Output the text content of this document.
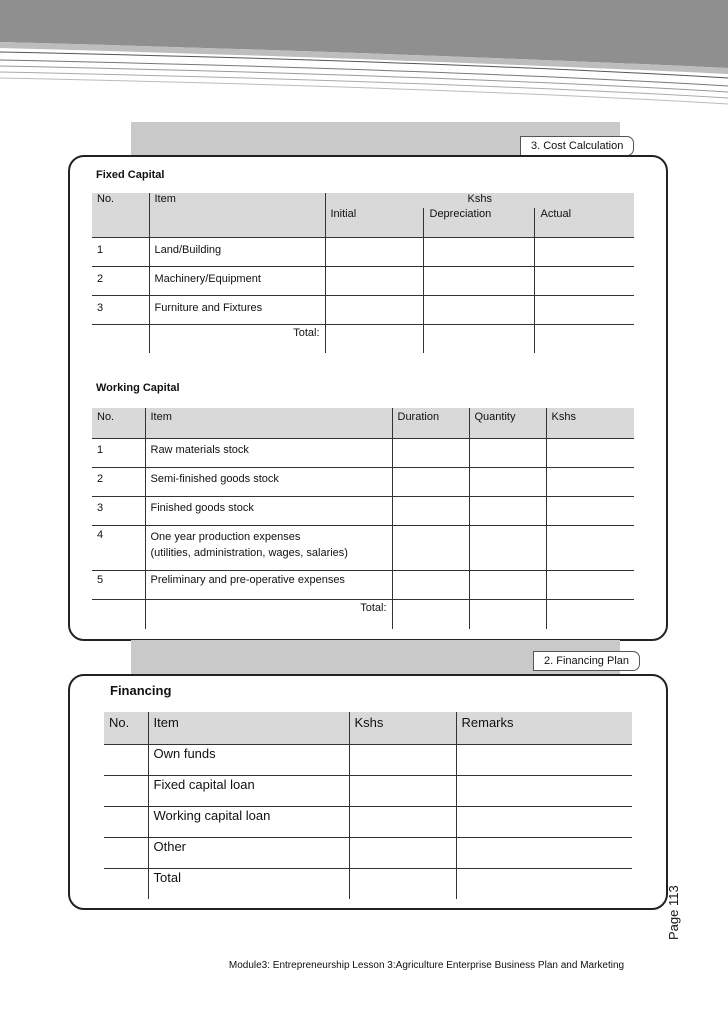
3. Cost Calculation
Fixed Capital
No.	Item	Kshs		
		Initial	Depreciation	Actual
1	Land/Building			
2	Machinery/Equipment			
3	Furniture and Fixtures			
	Total:			
Working Capital
No.	Item	Duration	Quantity	Kshs
1	Raw materials stock			
2	Semi-finished goods stock			
3	Finished goods stock			
4	One year production expenses
(utilities, administration, wages, salaries)			

5	Preliminary and pre-operative expenses			
	Total:			
2. Financing Plan
Financing
No.	Item	Kshs	Remarks
	Own funds		
	Fixed capital loan		
	Working capital loan		
	Other		
	Total		
Page 113
Module3: Entrepreneurship Lesson 3:Agriculture Enterprise Business Plan and Marketing
